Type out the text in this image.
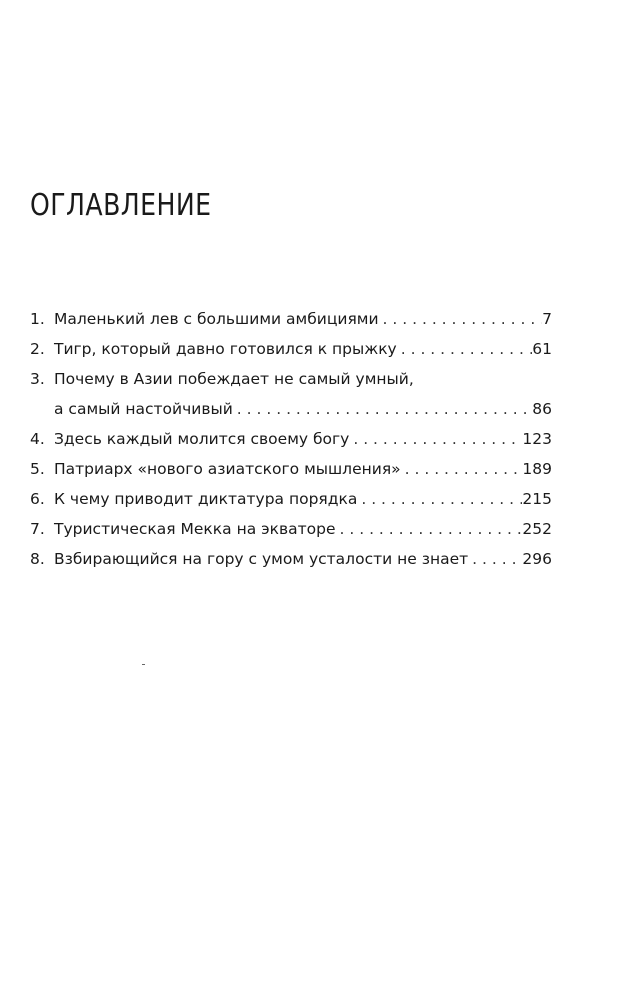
ОГЛАВЛЕНИЕ
1. Маленький лев с большими амбициями . . .	7
2. Тигр, который давно готовился к прыжку . . .	61
3. Почему в Азии побеждает не самый умный,
а самый настойчивый . . .	86
4. Здесь каждый молится своему богу . . .	123
5. Патриарх «нового азиатского мышления» . . .	189
6. К чему приводит диктатура порядка . . .	215
7. Туристическая Мекка на экваторе . . .	252
8. Взбирающийся на гору с умом усталости не знает . . .	296
